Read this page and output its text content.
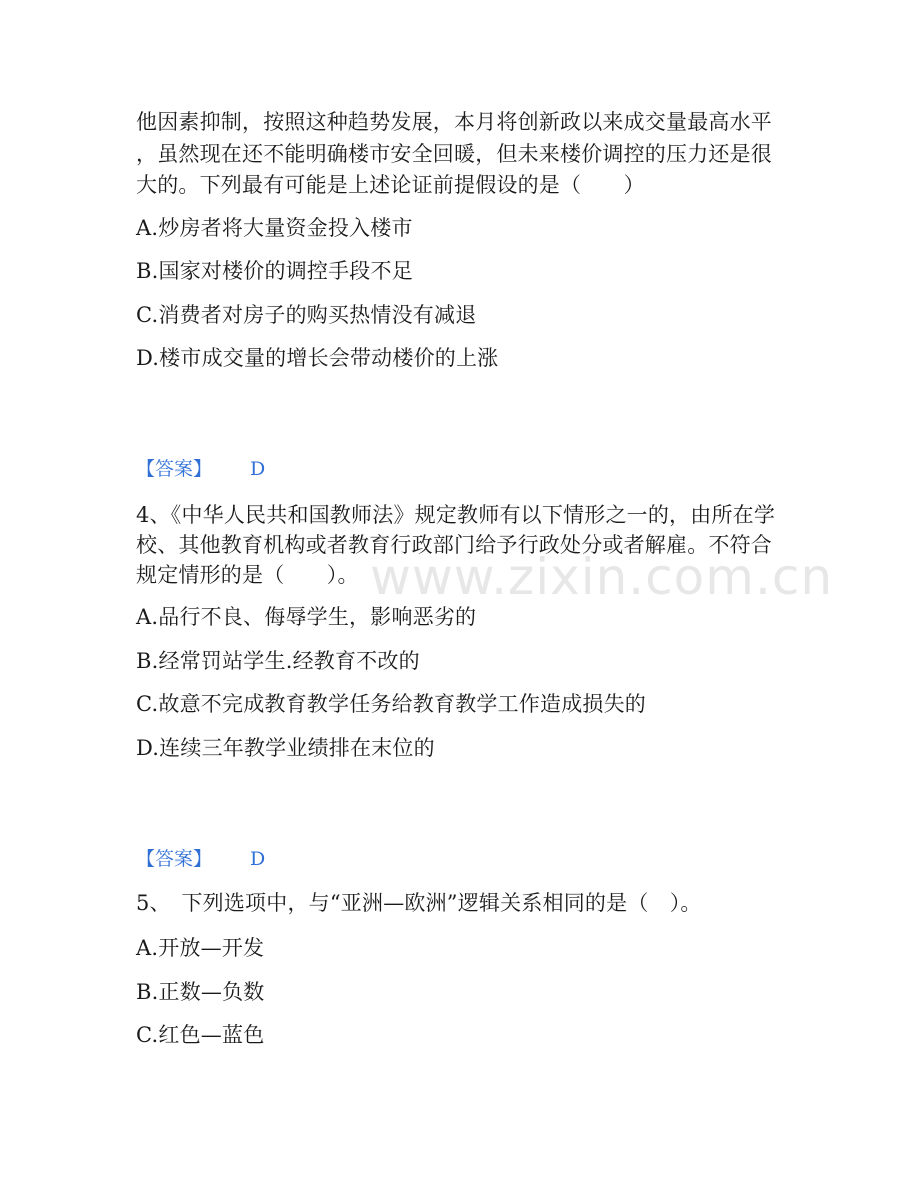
他因素抑制，按照这种趋势发展，本月将创新政以来成交量最高水平
，虽然现在还不能明确楼市安全回暖，但未来楼价调控的压力还是很
大的。下列最有可能是上述论证前提假设的是（　　）
A.炒房者将大量资金投入楼市
B.国家对楼价的调控手段不足
C.消费者对房子的购买热情没有减退
D.楼市成交量的增长会带动楼价的上涨
【答案】 D
4、《中华人民共和国教师法》规定教师有以下情形之一的，由所在学
校、其他教育机构或者教育行政部门给予行政处分或者解雇。不符合
规定情形的是（　　）。
A.品行不良、侮辱学生，影响恶劣的
B.经常罚站学生.经教育不改的
C.故意不完成教育教学任务给教育教学工作造成损失的
D.连续三年教学业绩排在末位的
【答案】 D
5、　下列选项中，与“亚洲—欧洲”逻辑关系相同的是（　）。
A.开放—开发
B.正数—负数
C.红色—蓝色
www.zixin.com.cn
